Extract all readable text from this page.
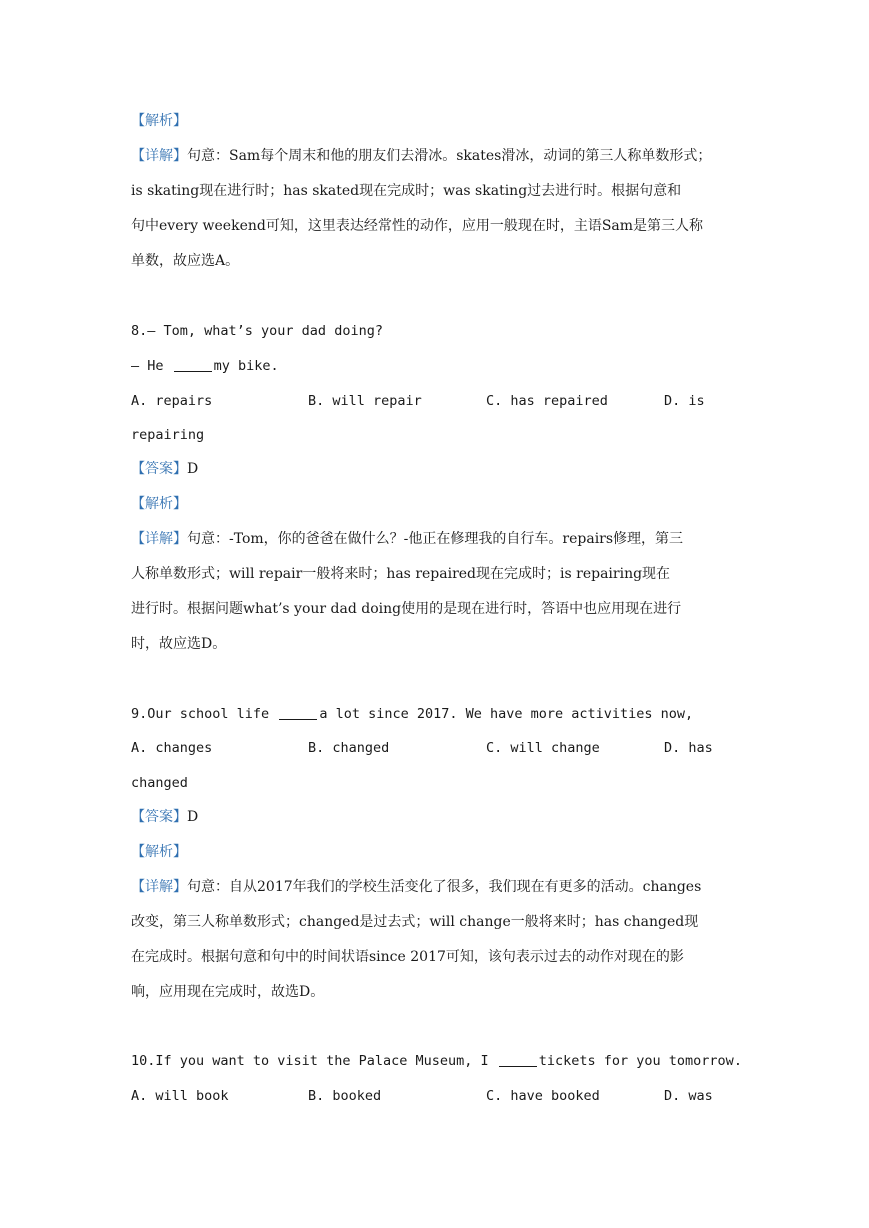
【解析】
【详解】句意：Sam每个周末和他的朋友们去滑冰。skates滑冰，动词的第三人称单数形式；
is skating现在进行时；has skated现在完成时；was skating过去进行时。根据句意和
句中every weekend可知，这里表达经常性的动作，应用一般现在时，主语Sam是第三人称
单数，故应选A。
8.— Tom, what’s your dad doing?
— He	my bike.
A. repairs	B. will repair	C. has repaired	D. is
repairing
【答案】D
【解析】
【详解】句意：-Tom，你的爸爸在做什么？-他正在修理我的自行车。repairs修理，第三
人称单数形式；will repair一般将来时；has repaired现在完成时；is repairing现在
进行时。根据问题what’s your dad doing使用的是现在进行时，答语中也应用现在进行
时，故应选D。
9.Our school life	a lot since 2017. We have more activities now,
A. changes	B. changed	C. will change	D. has
changed
【答案】D
【解析】
【详解】句意：自从2017年我们的学校生活变化了很多，我们现在有更多的活动。changes
改变，第三人称单数形式；changed是过去式；will change一般将来时；has changed现
在完成时。根据句意和句中的时间状语since 2017可知，该句表示过去的动作对现在的影
响，应用现在完成时，故选D。
10.If you want to visit the Palace Museum, I	tickets for you tomorrow.
A. will book	B. booked	C. have booked	D. was
